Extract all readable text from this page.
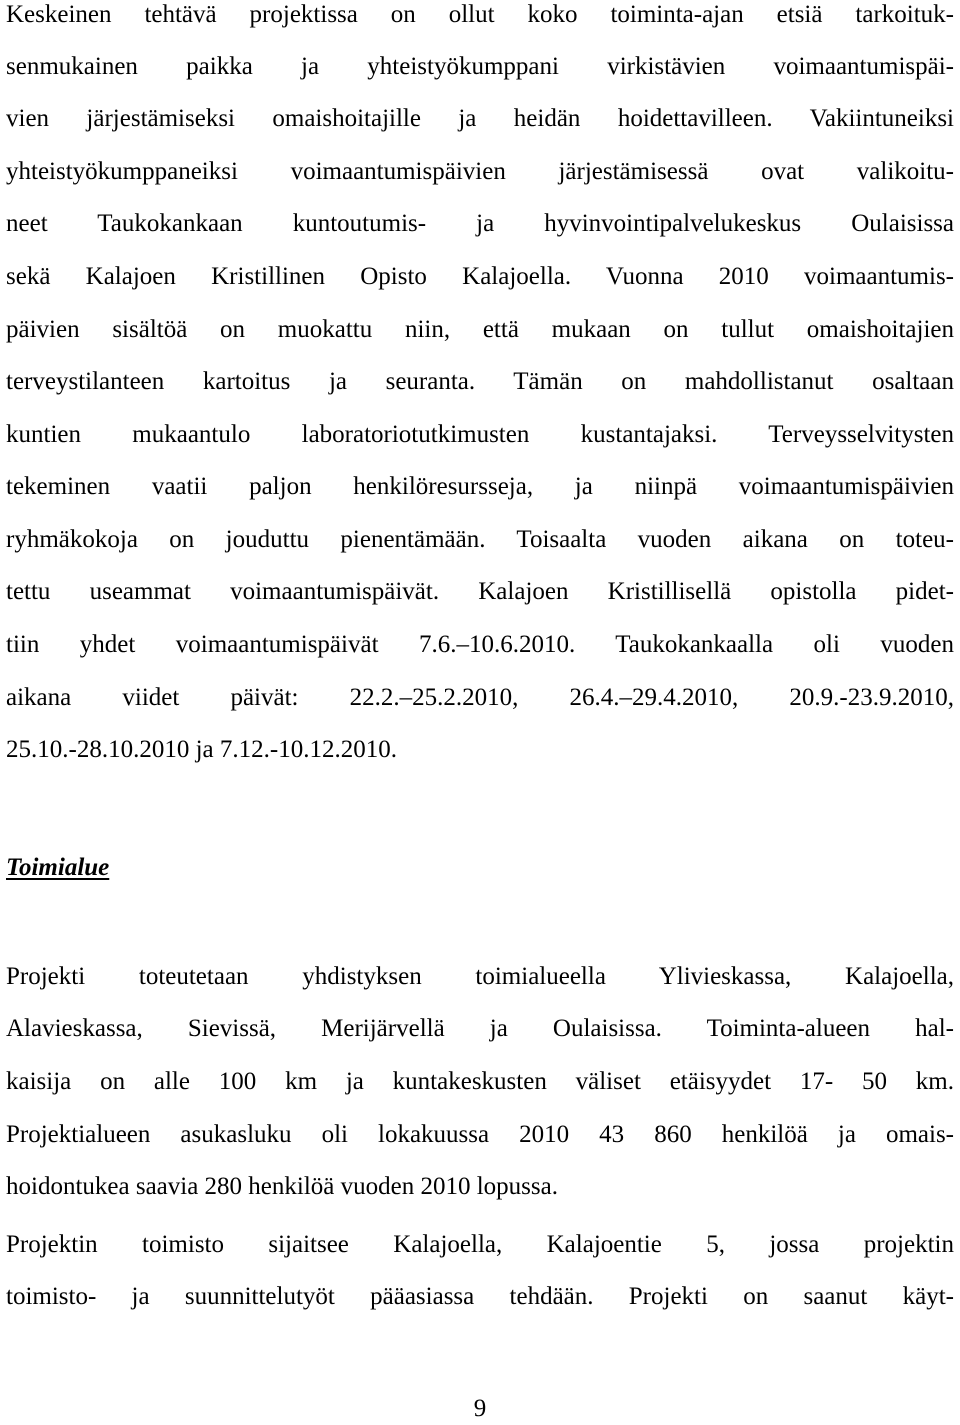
Keskeinen tehtävä projektissa on ollut koko toiminta-ajan etsiä tarkoituk-
senmukainen paikka ja yhteistyökumppani virkistävien voimaantumispäi-
vien järjestämiseksi omaishoitajille ja heidän hoidettavilleen. Vakiintuneiksi
yhteistyökumppaneiksi voimaantumispäivien järjestämisessä ovat valikoitu-
neet Taukokankaan kuntoutumis- ja hyvinvointipalvelukeskus Oulaisissa
sekä Kalajoen Kristillinen Opisto Kalajoella. Vuonna 2010 voimaantumis-
päivien sisältöä on muokattu niin, että mukaan on tullut omaishoitajien
terveystilanteen kartoitus ja seuranta. Tämän on mahdollistanut osaltaan
kuntien mukaantulo laboratoriotutkimusten kustantajaksi. Terveysselvitysten
tekeminen vaatii paljon henkilöresursseja, ja niinpä voimaantumispäivien
ryhmäkokoja on jouduttu pienentämään. Toisaalta vuoden aikana on toteu-
tettu useammat voimaantumispäivät. Kalajoen Kristillisellä opistolla pidet-
tiin yhdet voimaantumispäivät 7.6.–10.6.2010. Taukokankaalla oli vuoden
aikana viidet päivät: 22.2.–25.2.2010, 26.4.–29.4.2010, 20.9.-23.9.2010,
25.10.-28.10.2010 ja 7.12.-10.12.2010.
Toimialue
Projekti toteutetaan yhdistyksen toimialueella Ylivieskassa, Kalajoella,
Alavieskassa, Sievissä, Merijärvellä ja Oulaisissa. Toiminta-alueen hal-
kaisija on alle 100 km ja kuntakeskusten väliset etäisyydet 17- 50 km.
Projektialueen asukasluku oli lokakuussa 2010 43 860 henkilöä ja omais-
hoidontukea saavia 280 henkilöä vuoden 2010 lopussa.
Projektin toimisto sijaitsee Kalajoella, Kalajoentie 5, jossa projektin
toimisto- ja suunnittelutyöt pääasiassa tehdään. Projekti on saanut käyt-
9
